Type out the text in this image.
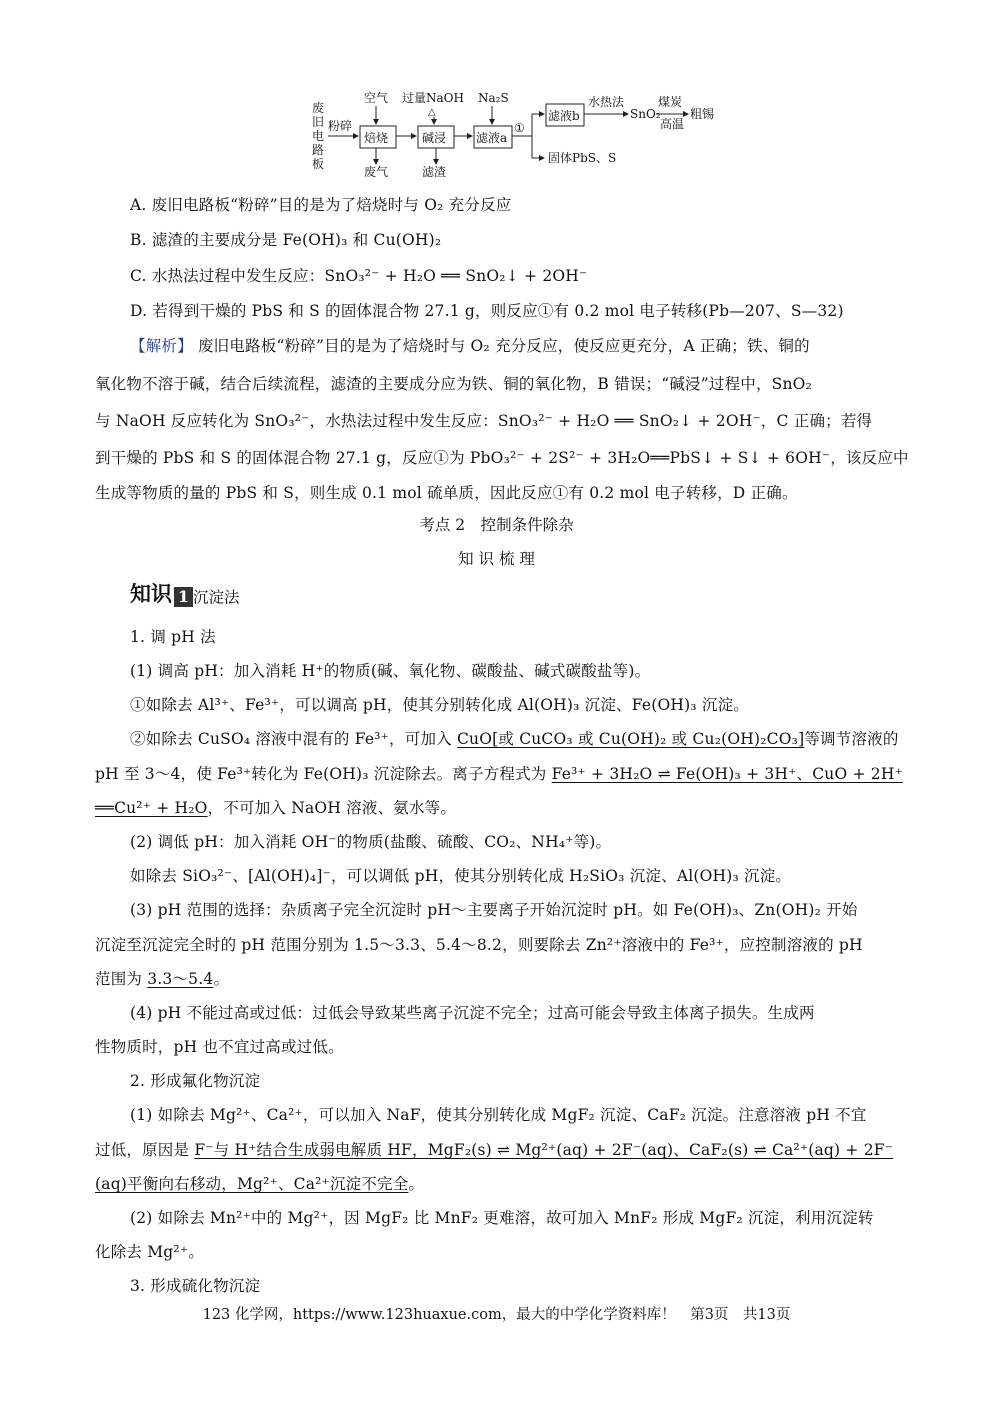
废
旧
电
路
板
粉碎
空气
焙烧
废气
过量NaOH
△
碱浸
滤渣
Na₂S
滤液a
①
滤液b
固体PbS、S
水热法
SnO₂
煤炭
高温
粗锡
A. 废旧电路板“粉碎”目的是为了焙烧时与 O₂ 充分反应
B. 滤渣的主要成分是 Fe(OH)₃ 和 Cu(OH)₂
C. 水热法过程中发生反应：SnO₃²⁻ + H₂O ══ SnO₂↓ + 2OH⁻
D. 若得到干燥的 PbS 和 S 的固体混合物 27.1 g，则反应①有 0.2 mol 电子转移(Pb—207、S—32)
【解析】 废旧电路板“粉碎”目的是为了焙烧时与 O₂ 充分反应，使反应更充分，A 正确；铁、铜的
氧化物不溶于碱，结合后续流程，滤渣的主要成分应为铁、铜的氧化物，B 错误；“碱浸”过程中，SnO₂
与 NaOH 反应转化为 SnO₃²⁻，水热法过程中发生反应：SnO₃²⁻ + H₂O ══ SnO₂↓ + 2OH⁻，C 正确；若得
到干燥的 PbS 和 S 的固体混合物 27.1 g，反应①为 PbO₃²⁻ + 2S²⁻ + 3H₂O══PbS↓ + S↓ + 6OH⁻，该反应中
生成等物质的量的 PbS 和 S，则生成 0.1 mol 硫单质，因此反应①有 0.2 mol 电子转移，D 正确。
考点 2　控制条件除杂
知 识 梳 理
知识 1 沉淀法
1. 调 pH 法
(1) 调高 pH：加入消耗 H⁺的物质(碱、氧化物、碳酸盐、碱式碳酸盐等)。
①如除去 Al³⁺、Fe³⁺，可以调高 pH，使其分别转化成 Al(OH)₃ 沉淀、Fe(OH)₃ 沉淀。
②如除去 CuSO₄ 溶液中混有的 Fe³⁺，可加入 CuO[或 CuCO₃ 或 Cu(OH)₂ 或 Cu₂(OH)₂CO₃]等调节溶液的
pH 至 3～4，使 Fe³⁺转化为 Fe(OH)₃ 沉淀除去。离子方程式为 Fe³⁺ + 3H₂O ⇌ Fe(OH)₃ + 3H⁺、CuO + 2H⁺
══Cu²⁺ + H₂O，不可加入 NaOH 溶液、氨水等。
(2) 调低 pH：加入消耗 OH⁻的物质(盐酸、硫酸、CO₂、NH₄⁺等)。
如除去 SiO₃²⁻、[Al(OH)₄]⁻，可以调低 pH，使其分别转化成 H₂SiO₃ 沉淀、Al(OH)₃ 沉淀。
(3) pH 范围的选择：杂质离子完全沉淀时 pH～主要离子开始沉淀时 pH。如 Fe(OH)₃、Zn(OH)₂ 开始
沉淀至沉淀完全时的 pH 范围分别为 1.5～3.3、5.4～8.2，则要除去 Zn²⁺溶液中的 Fe³⁺，应控制溶液的 pH
范围为 3.3～5.4。
(4) pH 不能过高或过低：过低会导致某些离子沉淀不完全；过高可能会导致主体离子损失。生成两
性物质时，pH 也不宜过高或过低。
2. 形成氟化物沉淀
(1) 如除去 Mg²⁺、Ca²⁺，可以加入 NaF，使其分别转化成 MgF₂ 沉淀、CaF₂ 沉淀。注意溶液 pH 不宜
过低，原因是 F⁻与 H⁺结合生成弱电解质 HF，MgF₂(s) ⇌ Mg²⁺(aq) + 2F⁻(aq)、CaF₂(s) ⇌ Ca²⁺(aq) + 2F⁻
(aq)平衡向右移动，Mg²⁺、Ca²⁺沉淀不完全。
(2) 如除去 Mn²⁺中的 Mg²⁺，因 MgF₂ 比 MnF₂ 更难溶，故可加入 MnF₂ 形成 MgF₂ 沉淀，利用沉淀转
化除去 Mg²⁺。
3. 形成硫化物沉淀
123 化学网，https://www.123huaxue.com，最大的中学化学资料库！　第3页　共13页
